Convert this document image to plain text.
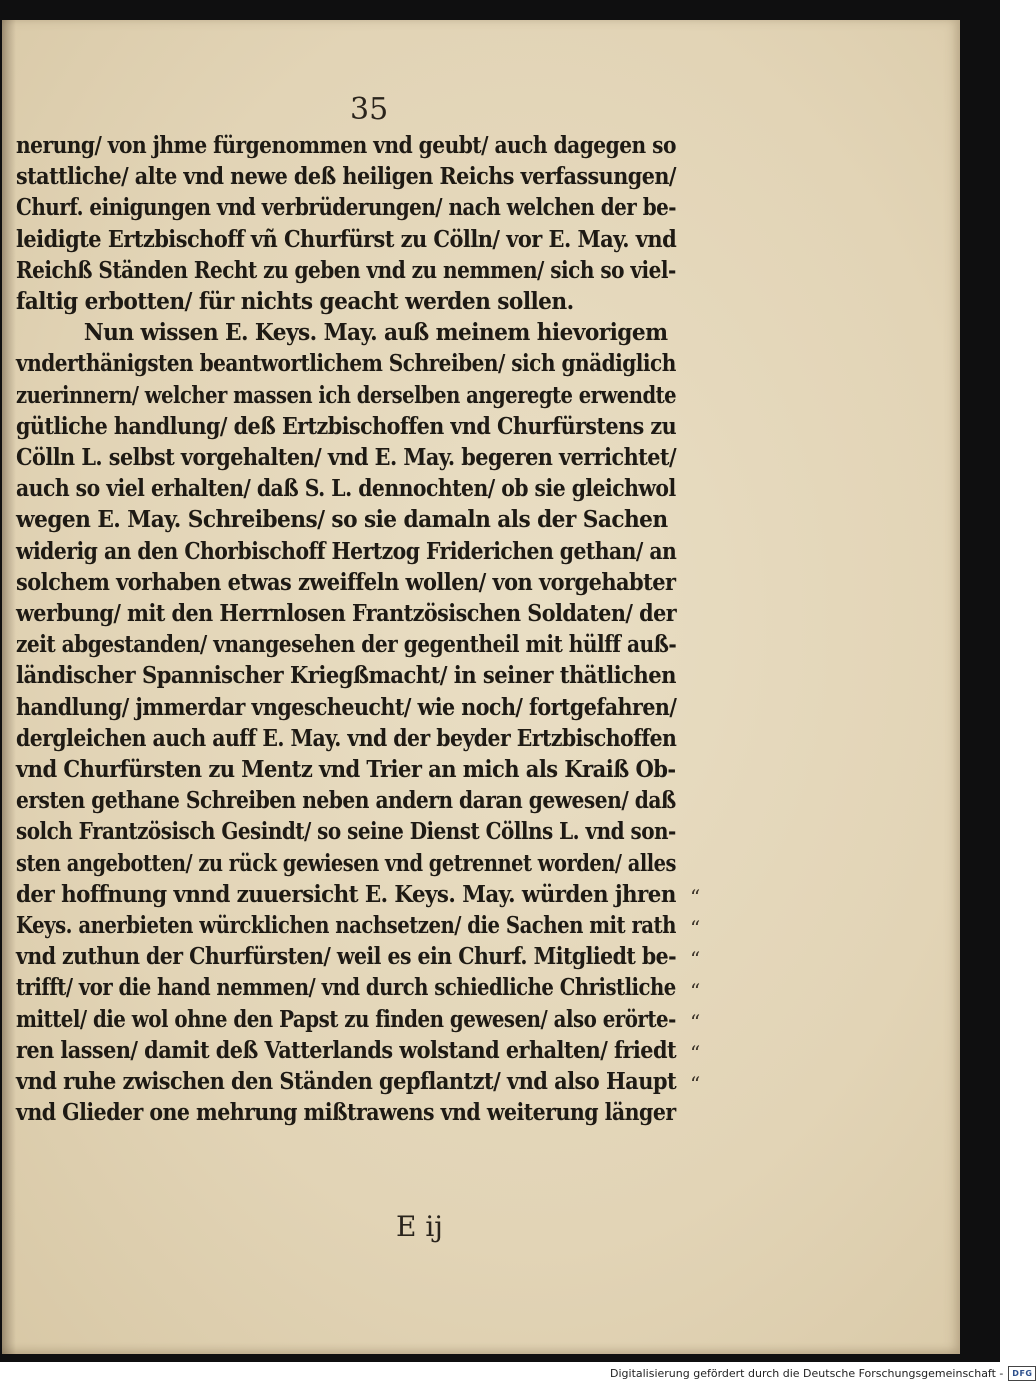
35
nerung/ von jhme fürgenommen vnd geubt/ auch dagegen so
stattliche/ alte vnd newe deß heiligen Reichs verfassungen/
Churf. einigungen vnd verbrüderungen/ nach welchen der be-
leidigte Ertzbischoff vñ Churfürst zu Cölln/ vor E. May. vnd
Reichß Ständen Recht zu geben vnd zu nemmen/ sich so viel-
faltig erbotten/ für nichts geacht werden sollen.
Nun wissen E. Keys. May. auß meinem hievorigem
vnderthänigsten beantwortlichem Schreiben/ sich gnädiglich
zuerinnern/ welcher massen ich derselben angeregte erwendte
gütliche handlung/ deß Ertzbischoffen vnd Churfürstens zu
Cölln L. selbst vorgehalten/ vnd E. May. begeren verrichtet/
auch so viel erhalten/ daß S. L. dennochten/ ob sie gleichwol
wegen E. May. Schreibens/ so sie damaln als der Sachen
widerig an den Chorbischoff Hertzog Friderichen gethan/ an
solchem vorhaben etwas zweiffeln wollen/ von vorgehabter
werbung/ mit den Herrnlosen Frantzösischen Soldaten/ der
zeit abgestanden/ vnangesehen der gegentheil mit hülff auß-
ländischer Spannischer Kriegßmacht/ in seiner thätlichen
handlung/ jmmerdar vngescheucht/ wie noch/ fortgefahren/
dergleichen auch auff E. May. vnd der beyder Ertzbischoffen
vnd Churfürsten zu Mentz vnd Trier an mich als Kraiß Ob-
ersten gethane Schreiben neben andern daran gewesen/ daß
solch Frantzösisch Gesindt/ so seine Dienst Cöllns L. vnd son-
sten angebotten/ zu rück gewiesen vnd getrennet worden/ alles
der hoffnung vnnd zuuersicht E. Keys. May. würden jhren
Keys. anerbieten würcklichen nachsetzen/ die Sachen mit rath
vnd zuthun der Churfürsten/ weil es ein Churf. Mitgliedt be-
trifft/ vor die hand nemmen/ vnd durch schiedliche Christliche
mittel/ die wol ohne den Papst zu finden gewesen/ also erörte-
ren lassen/ damit deß Vatterlands wolstand erhalten/ friedt
vnd ruhe zwischen den Ständen gepflantzt/ vnd also Haupt
vnd Glieder one mehrung mißtrawens vnd weiterung länger
“
“
“
“
“
“
“
E ij
Digitalisierung gefördert durch die Deutsche Forschungsgemeinschaft -	DFG
